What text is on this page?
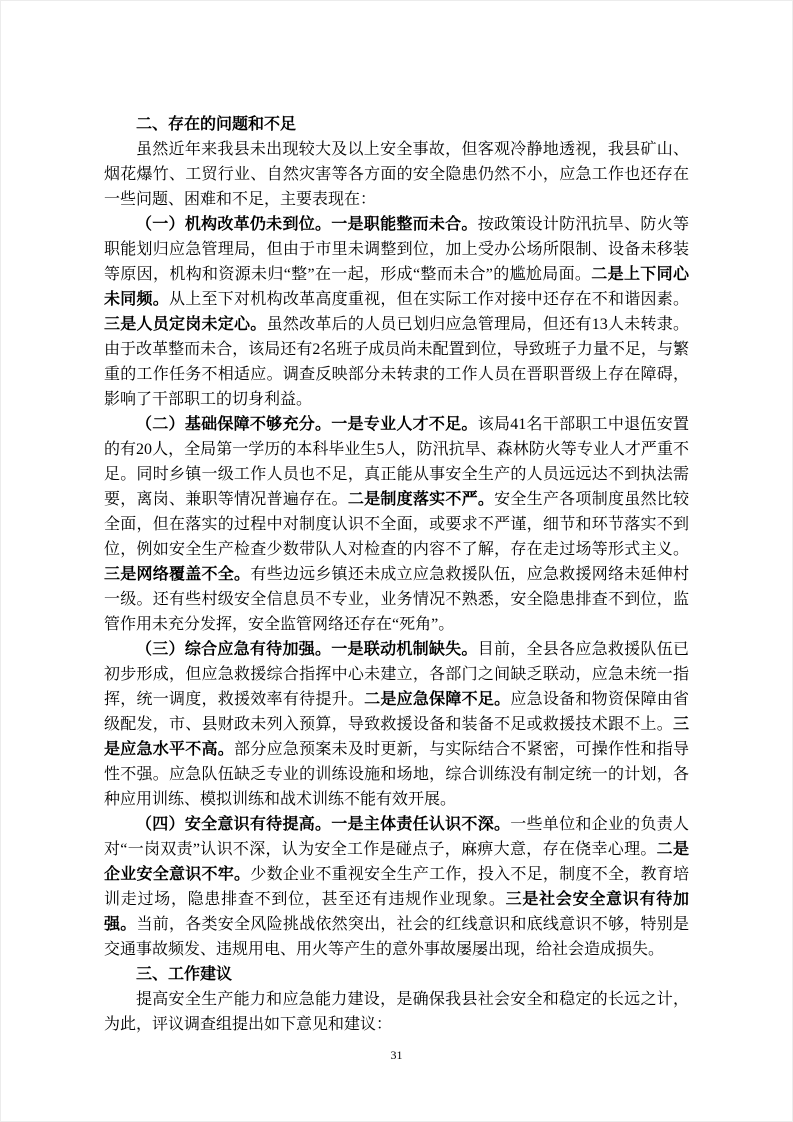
二、存在的问题和不足

虽然近年来我县未出现较大及以上安全事故，但客观冷静地透视，我县矿山、烟花爆竹、工贸行业、自然灾害等各方面的安全隐患仍然不小，应急工作也还存在一些问题、困难和不足，主要表现在：

（一）机构改革仍未到位。一是职能整而未合。按政策设计防汛抗旱、防火等职能划归应急管理局，但由于市里未调整到位，加上受办公场所限制、设备未移装等原因，机构和资源未归“整”在一起，形成“整而未合”的尴尬局面。二是上下同心未同频。从上至下对机构改革高度重视，但在实际工作对接中还存在不和谐因素。三是人员定岗未定心。虽然改革后的人员已划归应急管理局，但还有13人未转隶。由于改革整而未合，该局还有2名班子成员尚未配置到位，导致班子力量不足，与繁重的工作任务不相适应。调查反映部分未转隶的工作人员在晋职晋级上存在障碍，影响了干部职工的切身利益。

（二）基础保障不够充分。一是专业人才不足。该局41名干部职工中退伍安置的有20人，全局第一学历的本科毕业生5人，防汛抗旱、森林防火等专业人才严重不足。同时乡镇一级工作人员也不足，真正能从事安全生产的人员远远达不到执法需要，离岗、兼职等情况普遍存在。二是制度落实不严。安全生产各项制度虽然比较全面，但在落实的过程中对制度认识不全面，或要求不严谨，细节和环节落实不到位，例如安全生产检查少数带队人对检查的内容不了解，存在走过场等形式主义。三是网络覆盖不全。有些边远乡镇还未成立应急救援队伍，应急救援网络未延伸村一级。还有些村级安全信息员不专业，业务情况不熟悉，安全隐患排查不到位，监管作用未充分发挥，安全监管网络还存在“死角”。

（三）综合应急有待加强。一是联动机制缺失。目前，全县各应急救援队伍已初步形成，但应急救援综合指挥中心未建立，各部门之间缺乏联动，应急未统一指挥，统一调度，救援效率有待提升。二是应急保障不足。应急设备和物资保障由省级配发，市、县财政未列入预算，导致救援设备和装备不足或救援技术跟不上。三是应急水平不高。部分应急预案未及时更新，与实际结合不紧密，可操作性和指导性不强。应急队伍缺乏专业的训练设施和场地，综合训练没有制定统一的计划，各种应用训练、模拟训练和战术训练不能有效开展。

（四）安全意识有待提高。一是主体责任认识不深。一些单位和企业的负责人对“一岗双责”认识不深，认为安全工作是碰点子，麻痹大意，存在侥幸心理。二是企业安全意识不牢。少数企业不重视安全生产工作，投入不足，制度不全，教育培训走过场，隐患排查不到位，甚至还有违规作业现象。三是社会安全意识有待加强。当前，各类安全风险挑战依然突出，社会的红线意识和底线意识不够，特别是交通事故频发、违规用电、用火等产生的意外事故屡屡出现，给社会造成损失。

三、工作建议

提高安全生产能力和应急能力建设，是确保我县社会安全和稳定的长远之计，为此，评议调查组提出如下意见和建议：

31
